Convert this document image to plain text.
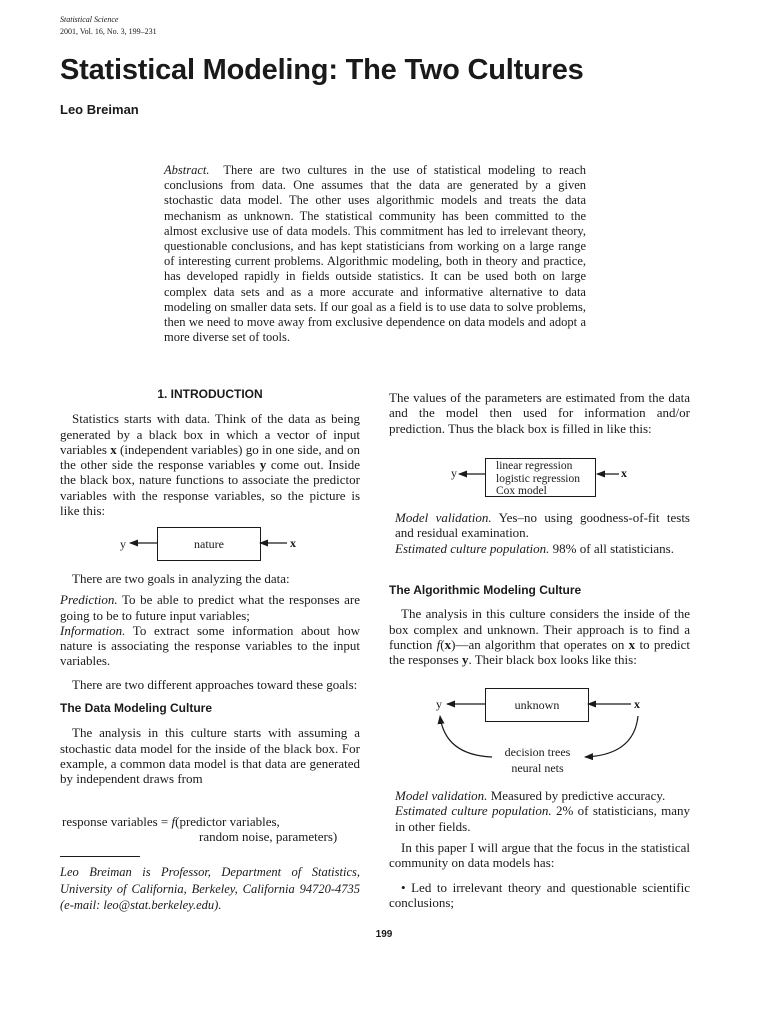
Statistical Science
2001, Vol. 16, No. 3, 199–231
Statistical Modeling: The Two Cultures
Leo Breiman
Abstract. There are two cultures in the use of statistical modeling to reach conclusions from data. One assumes that the data are generated by a given stochastic data model. The other uses algorithmic models and treats the data mechanism as unknown. The statistical community has been committed to the almost exclusive use of data models. This commitment has led to irrelevant theory, questionable conclusions, and has kept statisticians from working on a large range of interesting current problems. Algorithmic modeling, both in theory and practice, has developed rapidly in fields outside statistics. It can be used both on large complex data sets and as a more accurate and informative alternative to data modeling on smaller data sets. If our goal as a field is to use data to solve problems, then we need to move away from exclusive dependence on data models and adopt a more diverse set of tools.
1. INTRODUCTION

Statistics starts with data. Think of the data as being generated by a black box in which a vector of input variables x (independent variables) go in one side, and on the other side the response variables y come out. Inside the black box, nature functions to associate the predictor variables with the response variables, so the picture is like this:

y	nature	x

There are two goals in analyzing the data:

Prediction. To be able to predict what the responses are going to be to future input variables;

Information. To extract some information about how nature is associating the response variables to the input variables.

There are two different approaches toward these goals:

The Data Modeling Culture

The analysis in this culture starts with assuming a stochastic data model for the inside of the black box. For example, a common data model is that data are generated by independent draws from

response variables = f(predictor variables,
random noise, parameters)
Leo Breiman is Professor, Department of Statistics, University of California, Berkeley, California 94720-4735 (e-mail: leo@stat.berkeley.edu).

The values of the parameters are estimated from the data and the model then used for information and/or prediction. Thus the black box is filled in like this:

y	linear regression
logistic regression
Cox model
x

Model validation. Yes–no using goodness-of-fit tests and residual examination.

Estimated culture population. 98% of all statisticians.

The Algorithmic Modeling Culture

The analysis in this culture considers the inside of the box complex and unknown. Their approach is to find a function f(x)—an algorithm that operates on x to predict the responses y. Their black box looks like this:

y	unknown	x
decision trees
neural nets

Model validation. Measured by predictive accuracy.

Estimated culture population. 2% of statisticians, many in other fields.

In this paper I will argue that the focus in the statistical community on data models has:

• Led to irrelevant theory and questionable scientific conclusions;

199
